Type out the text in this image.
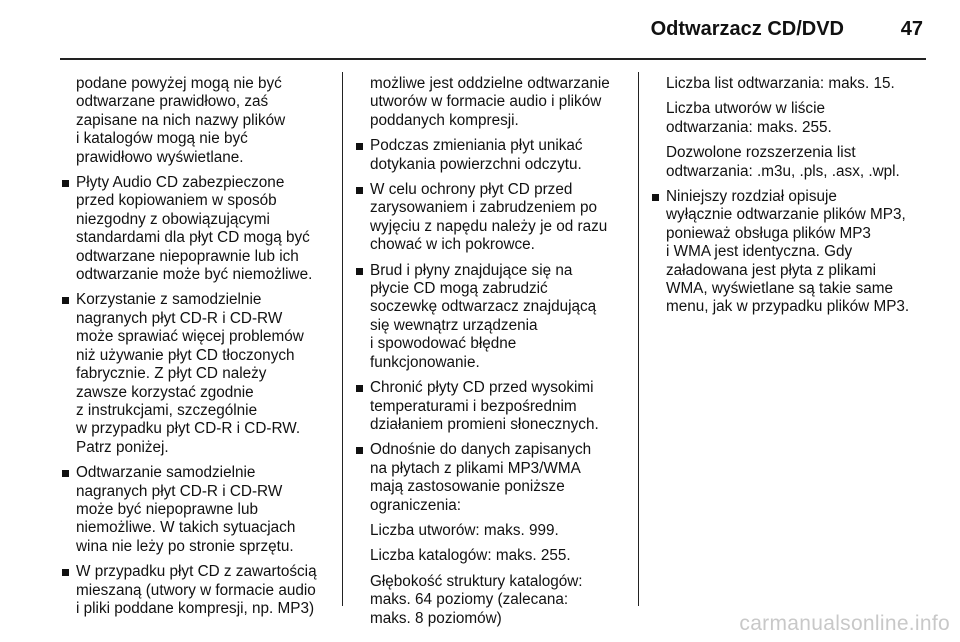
Odtwarzacz CD/DVD	47
podane powyżej mogą nie być
odtwarzane prawidłowo, zaś
zapisane na nich nazwy plików
i katalogów mogą nie być
prawidłowo wyświetlane.
Płyty Audio CD zabezpieczone
przed kopiowaniem w sposób
niezgodny z obowiązującymi
standardami dla płyt CD mogą być
odtwarzane niepoprawnie lub ich
odtwarzanie może być niemożliwe.
Korzystanie z samodzielnie
nagranych płyt CD-R i CD-RW
może sprawiać więcej problemów
niż używanie płyt CD tłoczonych
fabrycznie. Z płyt CD należy
zawsze korzystać zgodnie
z instrukcjami, szczególnie
w przypadku płyt CD-R i CD-RW.
Patrz poniżej.
Odtwarzanie samodzielnie
nagranych płyt CD-R i CD-RW
może być niepoprawne lub
niemożliwe. W takich sytuacjach
wina nie leży po stronie sprzętu.
W przypadku płyt CD z zawartością
mieszaną (utwory w formacie audio
i pliki poddane kompresji, np. MP3)
możliwe jest oddzielne odtwarzanie
utworów w formacie audio i plików
poddanych kompresji.
Podczas zmieniania płyt unikać
dotykania powierzchni odczytu.
W celu ochrony płyt CD przed
zarysowaniem i zabrudzeniem po
wyjęciu z napędu należy je od razu
chować w ich pokrowce.
Brud i płyny znajdujące się na
płycie CD mogą zabrudzić
soczewkę odtwarzacz znajdującą
się wewnątrz urządzenia
i spowodować błędne
funkcjonowanie.
Chronić płyty CD przed wysokimi
temperaturami i bezpośrednim
działaniem promieni słonecznych.
Odnośnie do danych zapisanych
na płytach z plikami MP3/WMA
mają zastosowanie poniższe
ograniczenia:
Liczba utworów: maks. 999.
Liczba katalogów: maks. 255.
Głębokość struktury katalogów:
maks. 64 poziomy (zalecana:
maks. 8 poziomów)
Liczba list odtwarzania: maks. 15.
Liczba utworów w liście
odtwarzania: maks. 255.
Dozwolone rozszerzenia list
odtwarzania: .m3u, .pls, .asx, .wpl.
Niniejszy rozdział opisuje
wyłącznie odtwarzanie plików MP3,
ponieważ obsługa plików MP3
i WMA jest identyczna. Gdy
załadowana jest płyta z plikami
WMA, wyświetlane są takie same
menu, jak w przypadku plików MP3.
carmanualsonline.info
